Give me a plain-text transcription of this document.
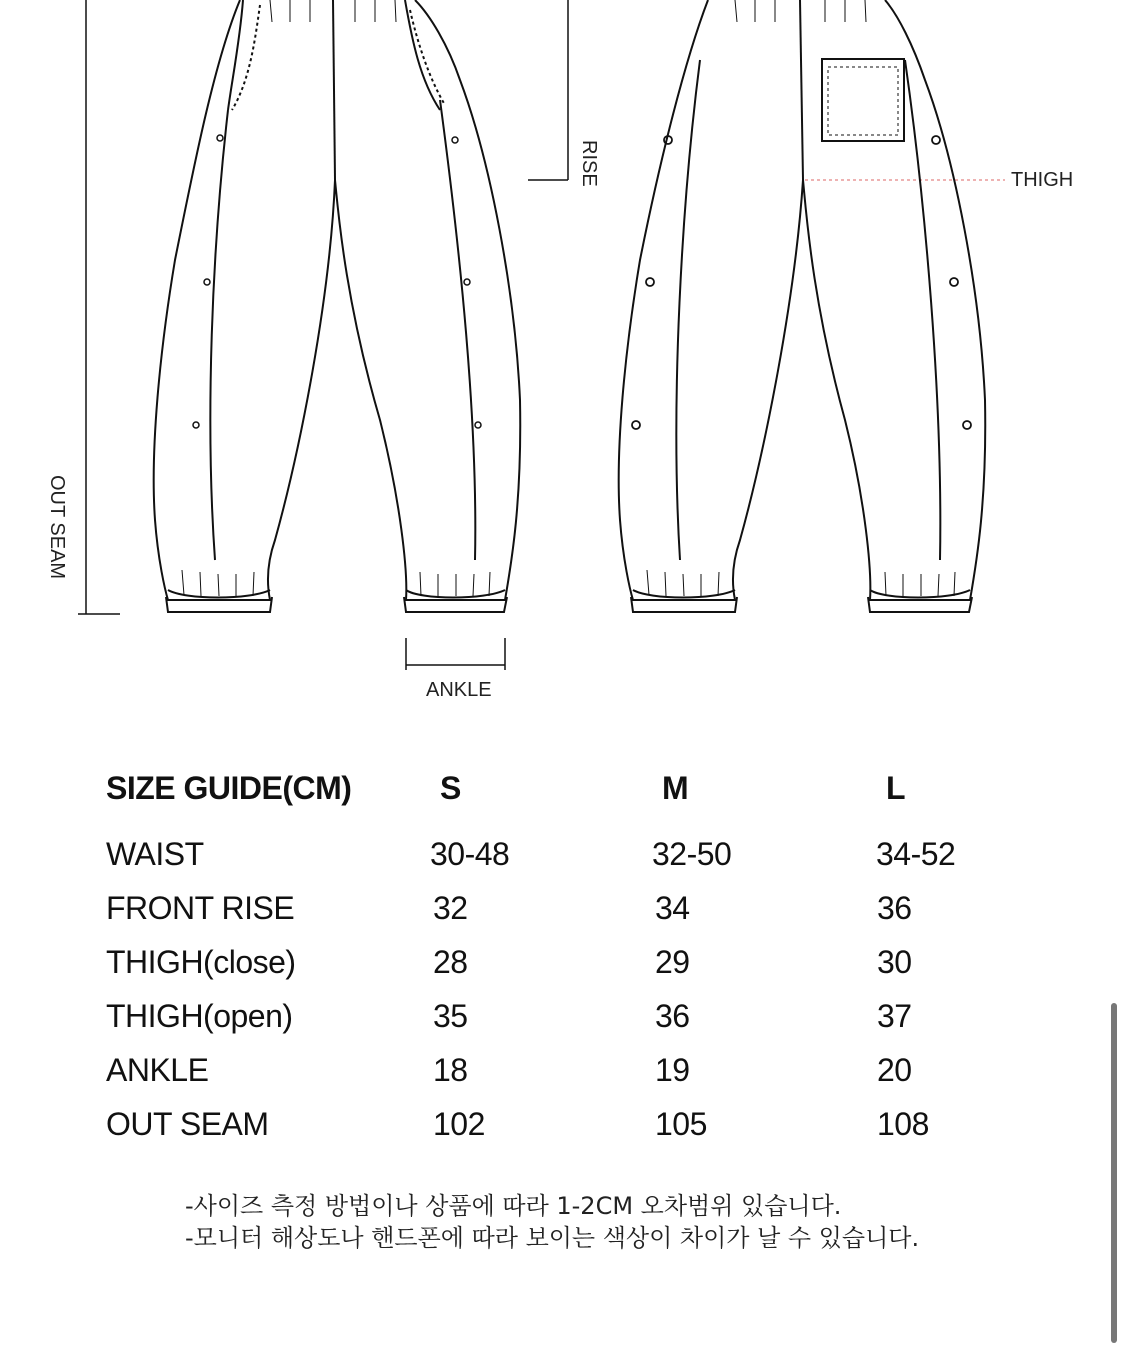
RISE	THIGH
OUT SEAM
ANKLE
SIZE GUIDE(CM)	S	M	L
WAIST	30-48	32-50	34-52
FRONT RISE	32	34	36
THIGH(close)	28	29	30
THIGH(open)	35	36	37
ANKLE	18	19	20
OUT SEAM	102	105	108
-사이즈 측정 방법이나 상품에 따라 1-2CM 오차범위 있습니다.
-모니터 해상도나 핸드폰에 따라 보이는 색상이 차이가 날 수 있습니다.
